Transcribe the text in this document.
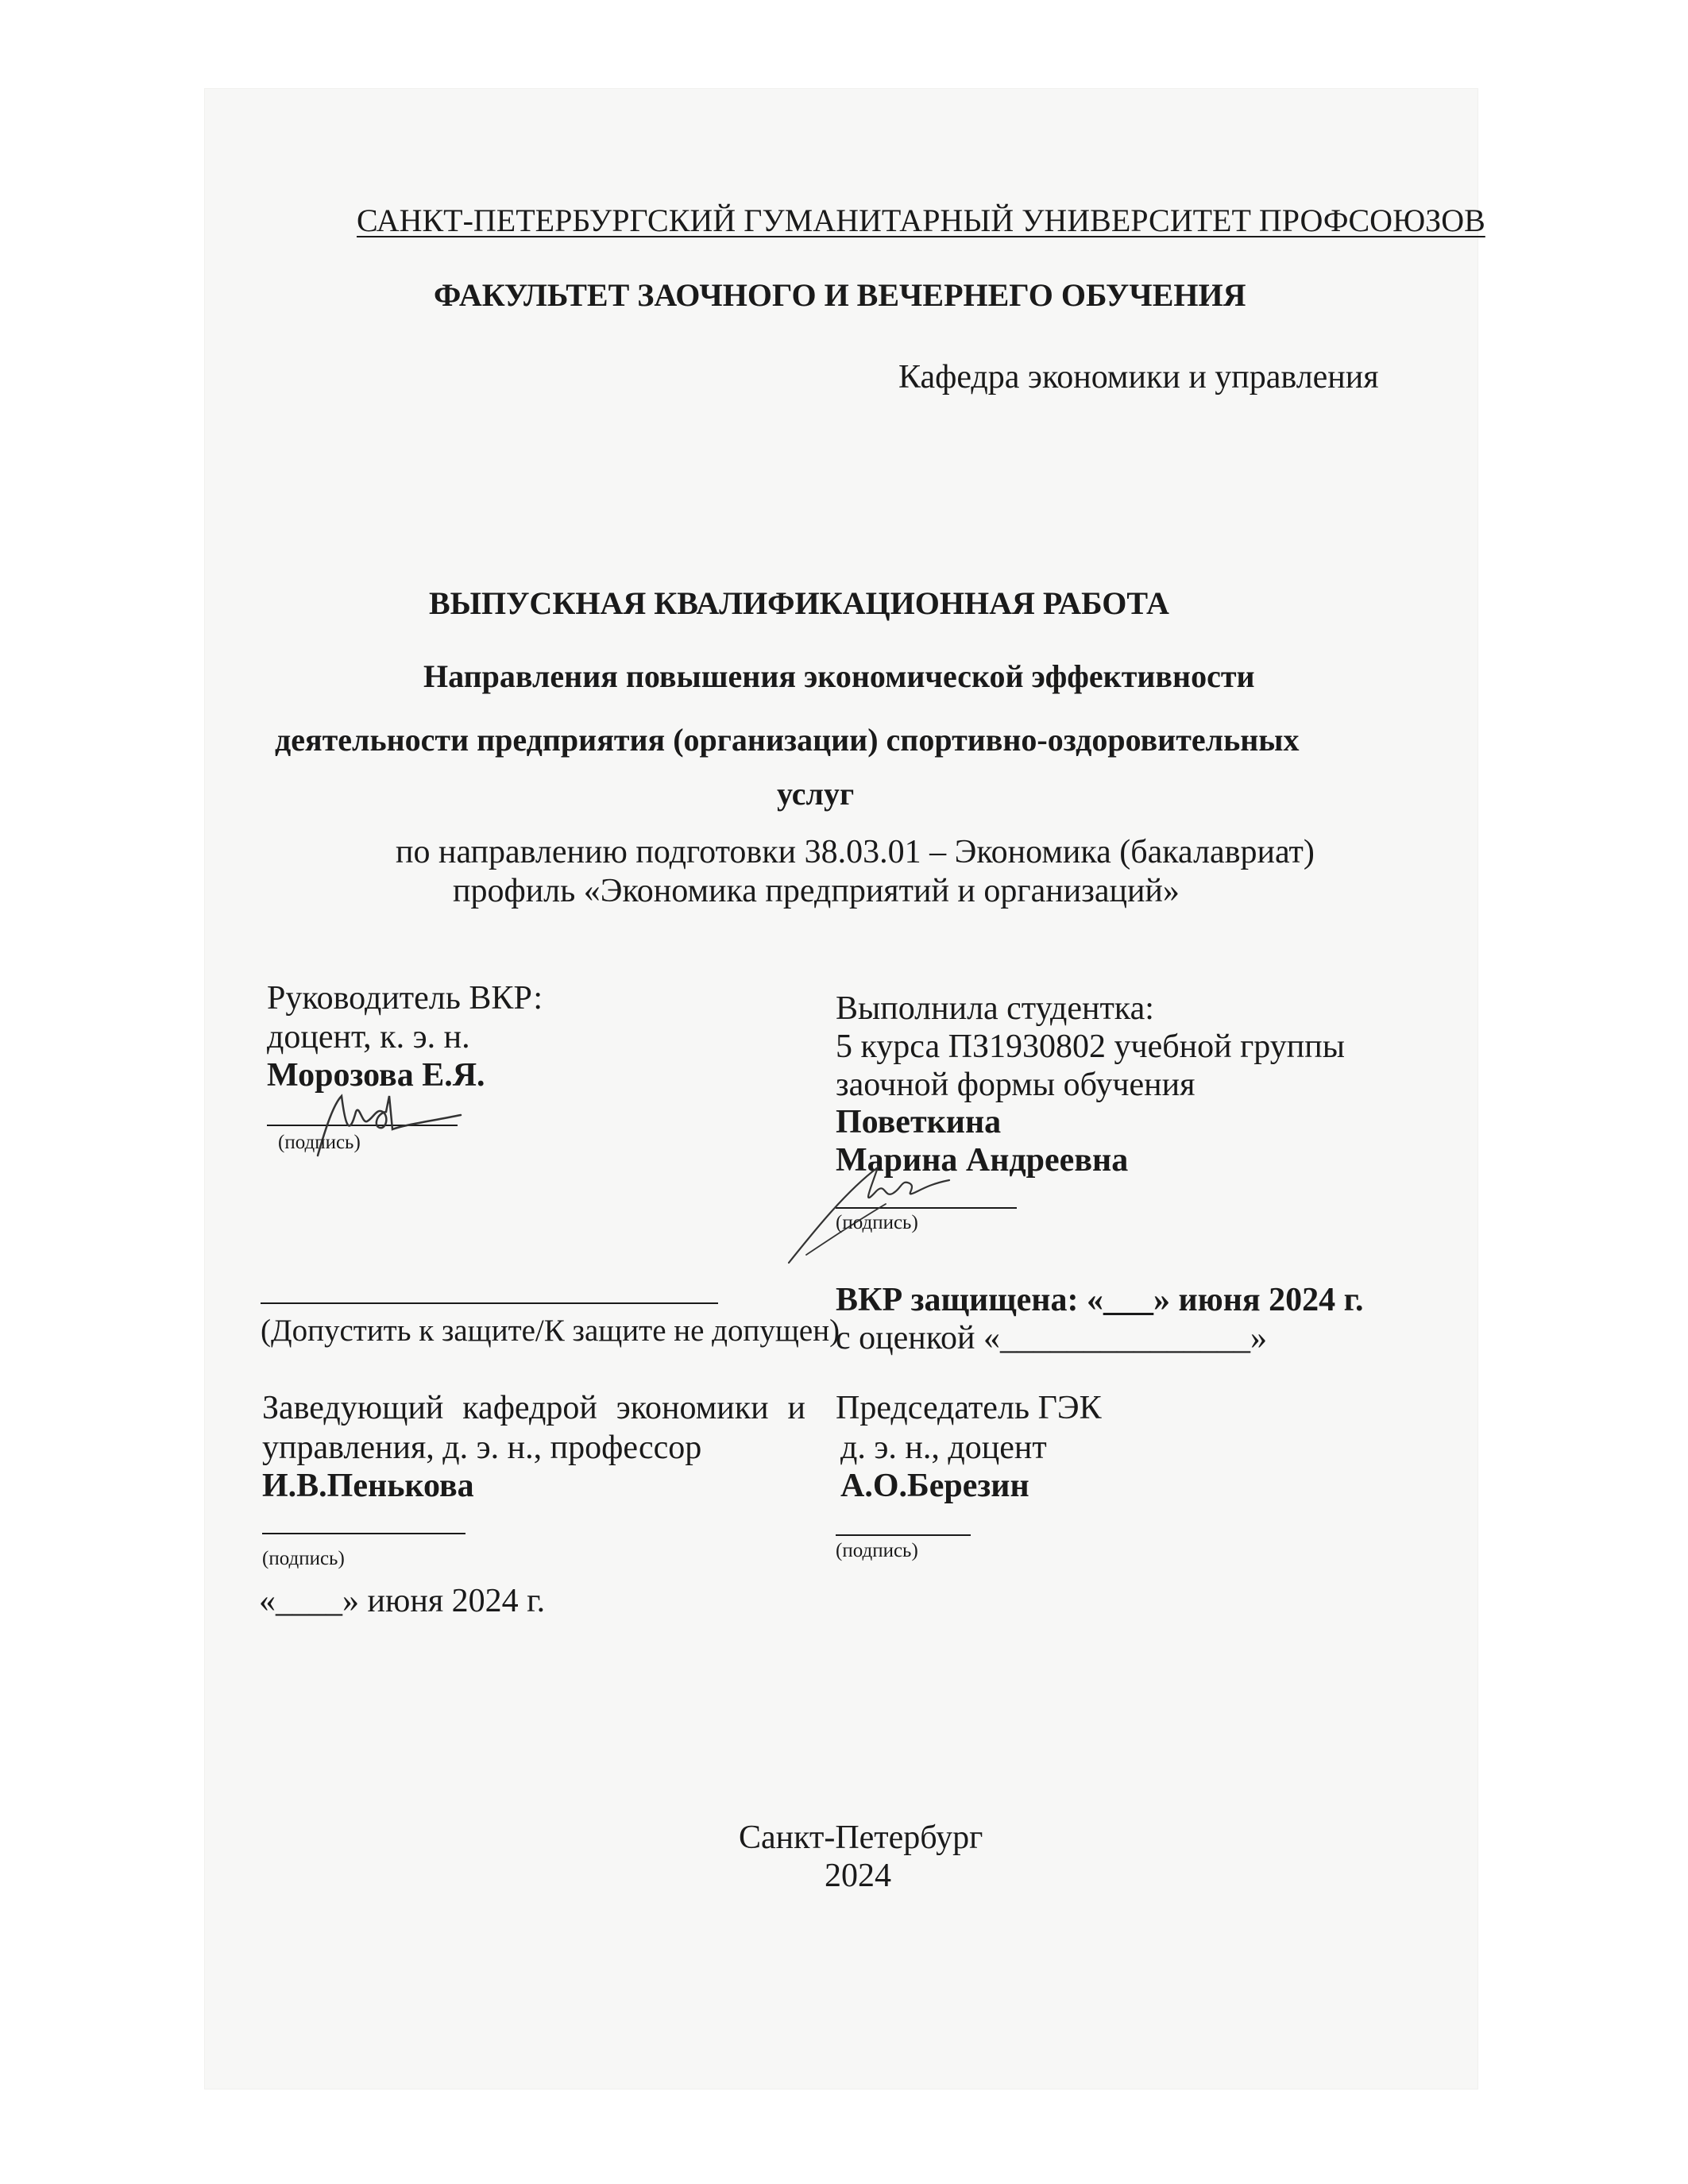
САНКТ-ПЕТЕРБУРГСКИЙ ГУМАНИТАРНЫЙ УНИВЕРСИТЕТ ПРОФСОЮЗОВ
ФАКУЛЬТЕТ ЗАОЧНОГО И ВЕЧЕРНЕГО ОБУЧЕНИЯ
Кафедра экономики и управления
ВЫПУСКНАЯ КВАЛИФИКАЦИОННАЯ РАБОТА
Направления повышения экономической эффективности
деятельности предприятия (организации) спортивно-оздоровительных
услуг
по направлению подготовки 38.03.01 – Экономика (бакалавриат)
профиль «Экономика предприятий и организаций»
Руководитель ВКР:
доцент, к. э. н.
Морозова Е.Я.
(подпись)
Выполнила студентка:
5 курса ПЗ1930802 учебной группы
заочной формы обучения
Поветкина
Марина Андреевна
(подпись)
(Допустить к защите/К защите не допущен)
ВКР защищена: «___» июня 2024 г.
с оценкой «_______________»
Заведующий кафедрой экономики и
управления, д. э. н., профессор
И.В.Пенькова
(подпись)
«____» июня 2024 г.
Председатель ГЭК
д. э. н., доцент
А.О.Березин
(подпись)
Санкт-Петербург
2024
